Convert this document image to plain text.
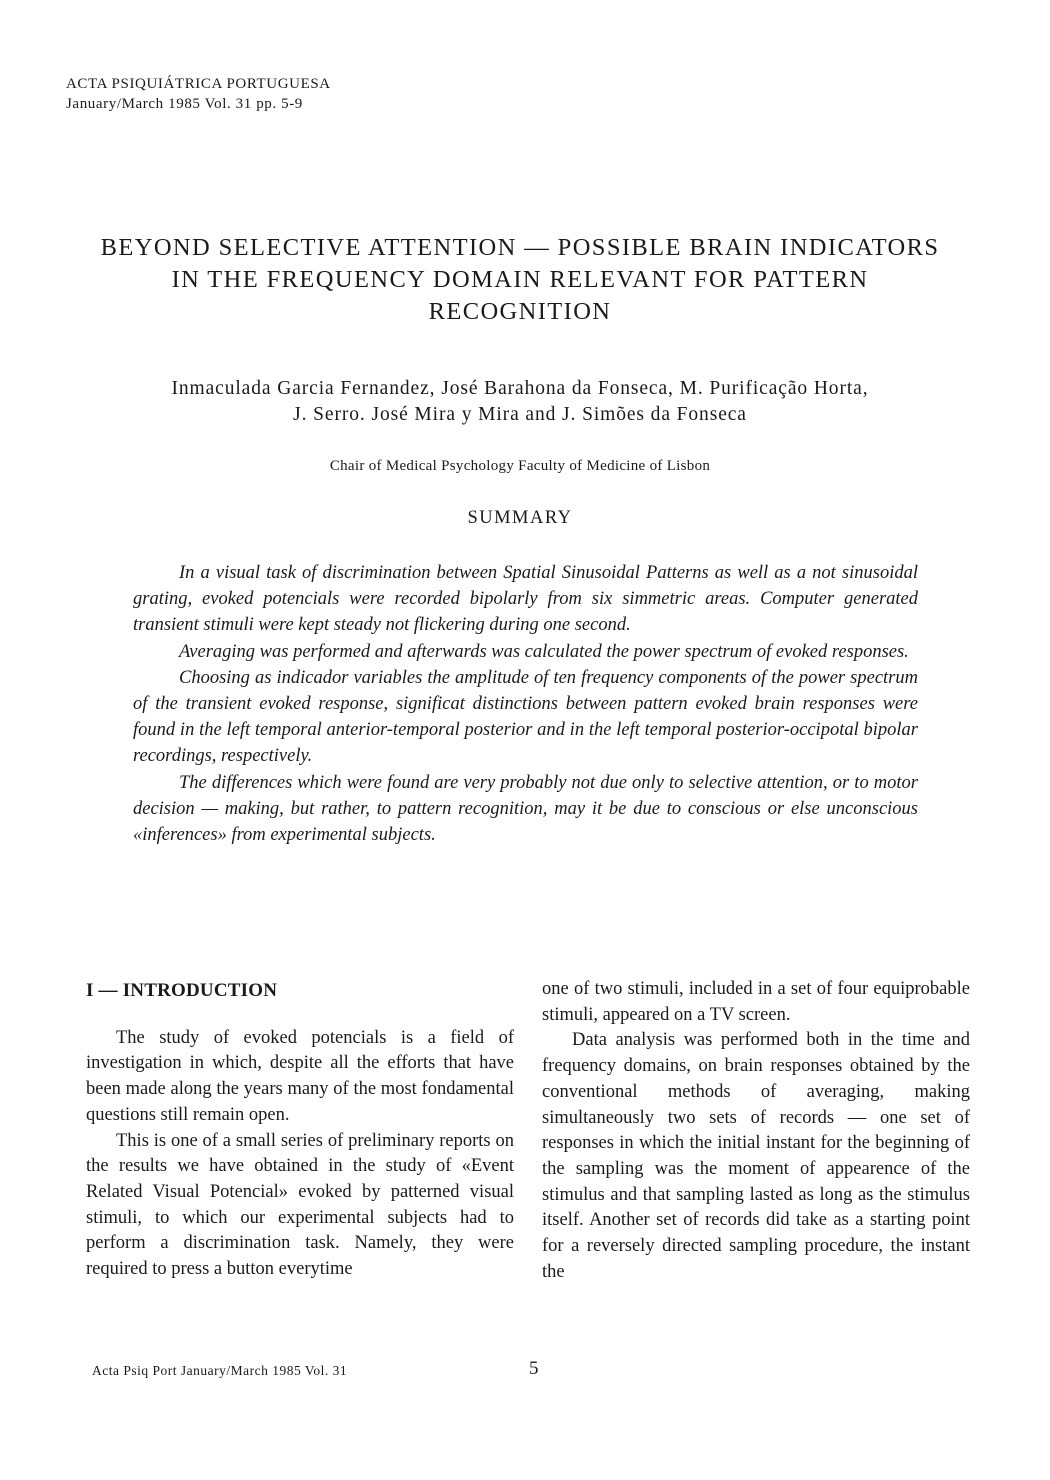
ACTA PSIQUIÁTRICA PORTUGUESA
January/March 1985 Vol. 31 pp. 5-9
BEYOND SELECTIVE ATTENTION — POSSIBLE BRAIN INDICATORS
IN THE FREQUENCY DOMAIN RELEVANT FOR PATTERN
RECOGNITION
Inmaculada Garcia Fernandez, José Barahona da Fonseca, M. Purificação Horta,
J. Serro. José Mira y Mira and J. Simões da Fonseca
Chair of Medical Psychology Faculty of Medicine of Lisbon
SUMMARY

In a visual task of discrimination between Spatial Sinusoidal Patterns as well as a not sinusoidal grating, evoked potencials were recorded bipolarly from six simmetric areas. Computer generated transient stimuli were kept steady not flickering during one second.

Averaging was performed and afterwards was calculated the power spectrum of evoked responses.

Choosing as indicador variables the amplitude of ten frequency components of the power spectrum of the transient evoked response, significat distinctions between pattern evoked brain responses were found in the left temporal anterior-temporal posterior and in the left temporal posterior-occipotal bipolar recordings, respectively.

The differences which were found are very probably not due only to selective attention, or to motor decision — making, but rather, to pattern recognition, may it be due to conscious or else unconscious «inferences» from experimental subjects.

I — INTRODUCTION

The study of evoked potencials is a field of investigation in which, despite all the efforts that have been made along the years many of the most fondamental questions still remain open.

This is one of a small series of preliminary reports on the results we have obtained in the study of «Event Related Visual Potencial» evoked by patterned visual stimuli, to which our experimental subjects had to perform a discrimination task. Namely, they were required to press a button everytime

one of two stimuli, included in a set of four equiprobable stimuli, appeared on a TV screen.

Data analysis was performed both in the time and frequency domains, on brain responses obtained by the conventional methods of averaging, making simultaneously two sets of records — one set of responses in which the initial instant for the beginning of the sampling was the moment of appearence of the stimulus and that sampling lasted as long as the stimulus itself. Another set of records did take as a starting point for a reversely directed sampling procedure, the instant the

Acta Psiq Port January/March 1985 Vol. 31	5
